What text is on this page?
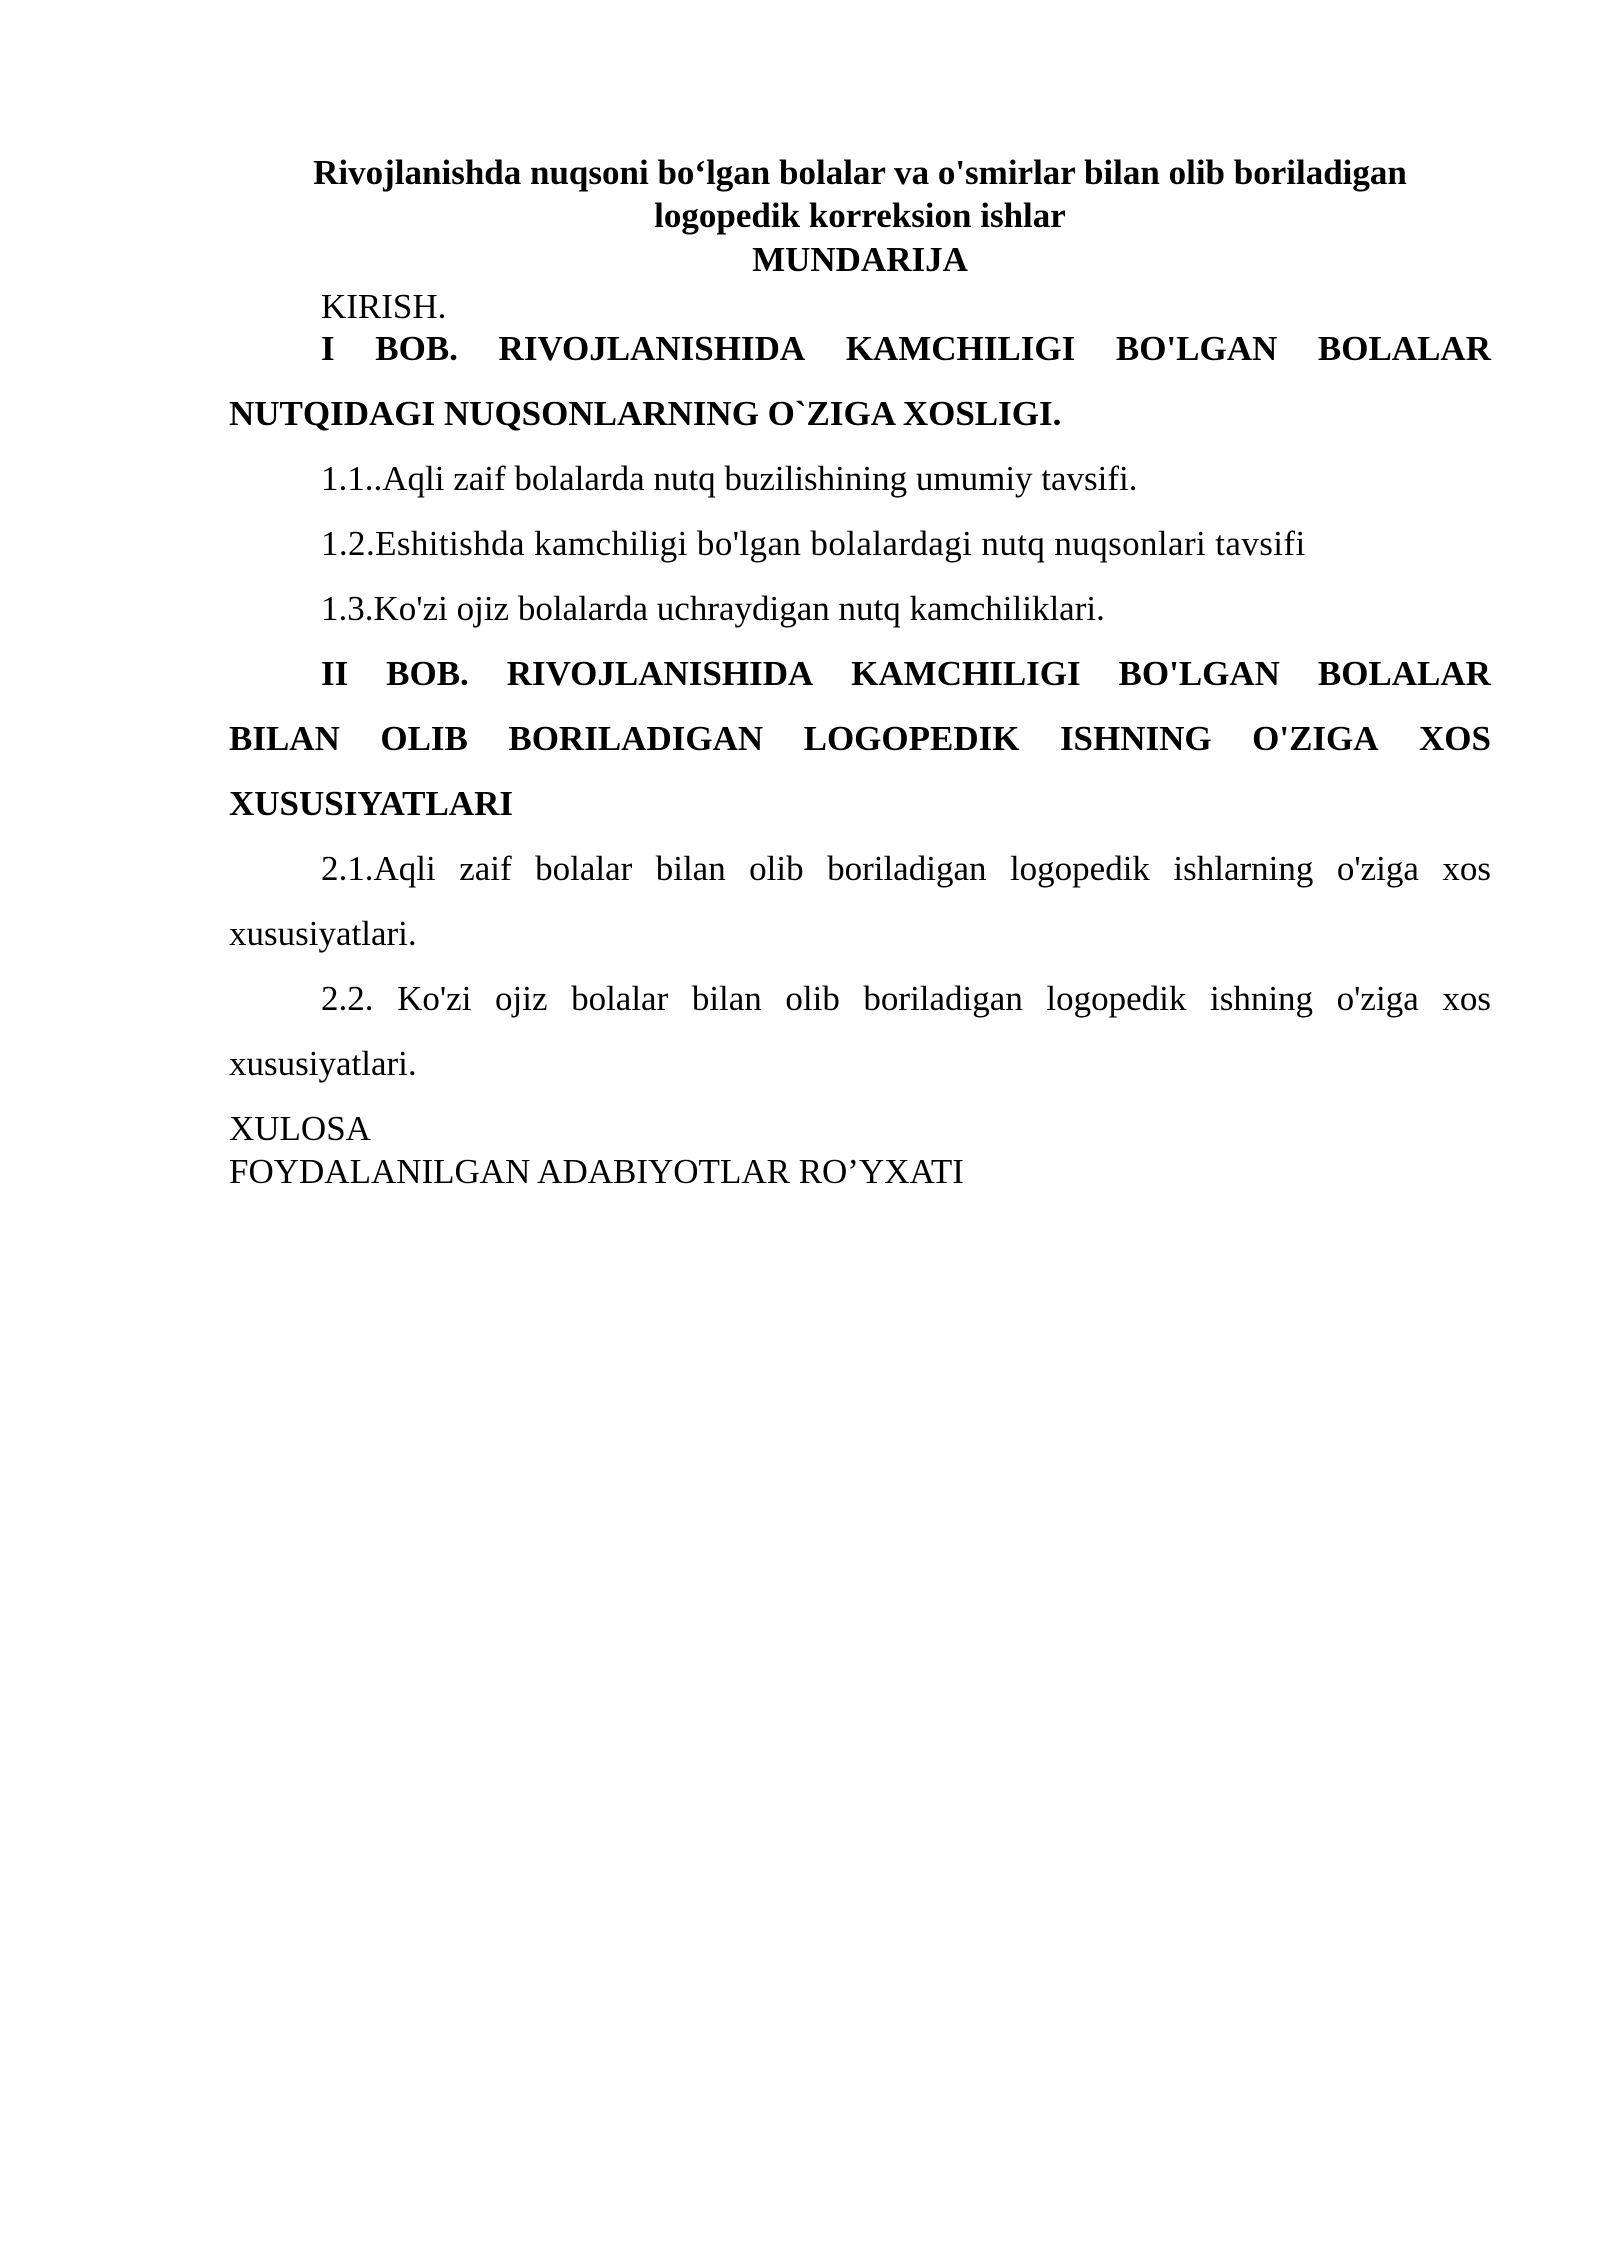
Rivojlanishda nuqsoni bo‘lgan bolalar va o'smirlar bilan olib boriladigan

logopedik korreksion ishlar

MUNDARIJA

KIRISH.

I BOB. RIVOJLANISHIDA KAMCHILIGI BO'LGAN BOLALAR

NUTQIDAGI NUQSONLARNING O`ZIGA XOSLIGI.

1.1..Aqli zaif bolalarda nutq buzilishining umumiy tavsifi.

1.2.Eshitishda kamchiligi bo'lgan bolalardagi nutq nuqsonlari tavsifi

1.3.Ko'zi ojiz bolalarda uchraydigan nutq kamchiliklari.

II BOB. RIVOJLANISHIDA KAMCHILIGI BO'LGAN BOLALAR
BILAN OLIB BORILADIGAN LOGOPEDIK ISHNING O'ZIGA XOS

XUSUSIYATLARI

2.1.Aqli zaif bolalar bilan olib boriladigan logopedik ishlarning o'ziga xos

xususiyatlari.

2.2. Ko'zi ojiz bolalar bilan olib boriladigan logopedik ishning o'ziga xos

xususiyatlari.

XULOSA

FOYDALANILGAN ADABIYOTLAR RO’YXATI
